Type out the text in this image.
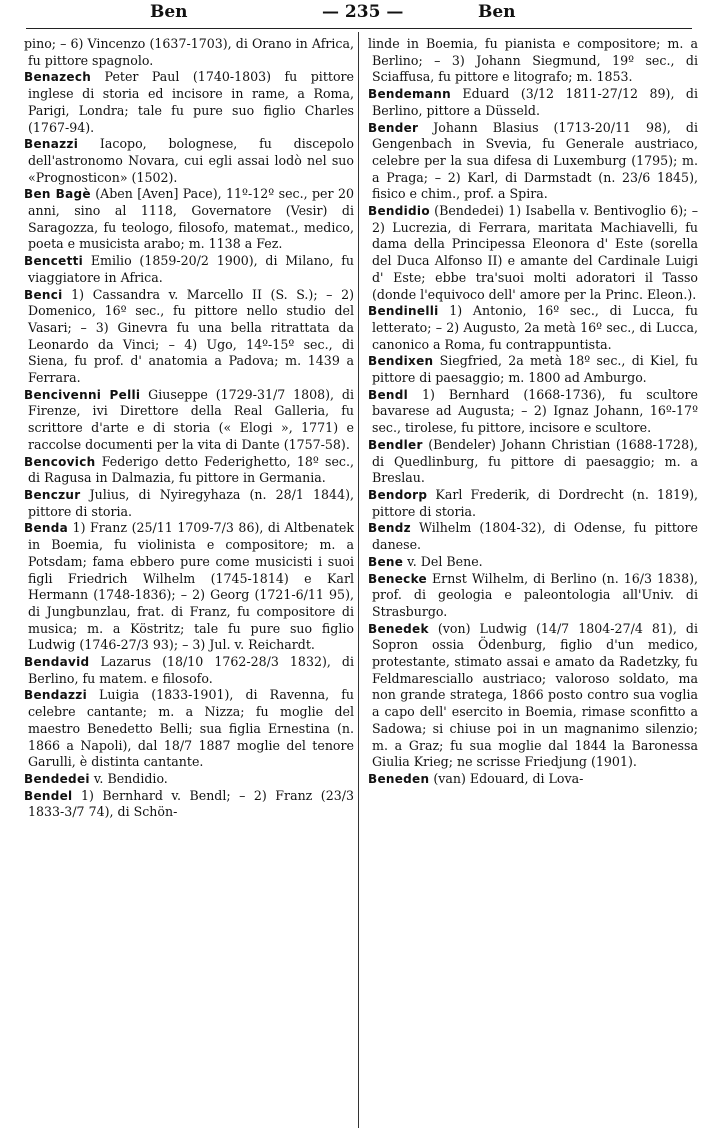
Ben	— 235 —	Ben

pino; – 6) Vincenzo (1637-1703), di Orano in Africa, fu pittore spagnolo.

Benazech Peter Paul (1740-1803) fu pittore inglese di storia ed incisore in rame, a Roma, Parigi, Londra; tale fu pure suo figlio Charles (1767-94).

Benazzi Iacopo, bolognese, fu discepolo dell'astronomo Novara, cui egli assai lodò nel suo «Prognosticon» (1502).

Ben Bagè (Aben [Aven] Pace), 11º-12º sec., per 20 anni, sino al 1118, Governatore (Vesir) di Saragozza, fu teologo, filosofo, matemat., medico, poeta e musicista arabo; m. 1138 a Fez.

Bencetti Emilio (1859-20/2 1900), di Milano, fu viaggiatore in Africa.

Benci 1) Cassandra v. Marcello II (S. S.); – 2) Domenico, 16º sec., fu pittore nello studio del Vasari; – 3) Ginevra fu una bella ritrattata da Leonardo da Vinci; – 4) Ugo, 14º-15º sec., di Siena, fu prof. d' anatomia a Padova; m. 1439 a Ferrara.

Bencivenni Pelli Giuseppe (1729-31/7 1808), di Firenze, ivi Direttore della Real Galleria, fu scrittore d'arte e di storia (« Elogi », 1771) e raccolse documenti per la vita di Dante (1757-58).

Bencovich Federigo detto Federighetto, 18º sec., di Ragusa in Dalmazia, fu pittore in Germania.

Benczur Julius, di Nyiregyhaza (n. 28/1 1844), pittore di storia.

Benda 1) Franz (25/11 1709-7/3 86), di Altbenatek in Boemia, fu violinista e compositore; m. a Potsdam; fama ebbero pure come musicisti i suoi figli Friedrich Wilhelm (1745-1814) e Karl Hermann (1748-1836); – 2) Georg (1721-6/11 95), di Jungbunzlau, frat. di Franz, fu compositore di musica; m. a Köstritz; tale fu pure suo figlio Ludwig (1746-27/3 93); – 3) Jul. v. Reichardt.

Bendavid Lazarus (18/10 1762-28/3 1832), di Berlino, fu matem. e filosofo.

Bendazzi Luigia (1833-1901), di Ravenna, fu celebre cantante; m. a Nizza; fu moglie del maestro Benedetto Belli; sua figlia Ernestina (n. 1866 a Napoli), dal 18/7 1887 moglie del tenore Garulli, è distinta cantante.

Bendedei v. Bendidio.

Bendel 1) Bernhard v. Bendl; – 2) Franz (23/3 1833-3/7 74), di Schön-

linde in Boemia, fu pianista e compositore; m. a Berlino; – 3) Johann Siegmund, 19º sec., di Sciaffusa, fu pittore e litografo; m. 1853.

Bendemann Eduard (3/12 1811-27/12 89), di Berlino, pittore a Düsseld.

Bender Johann Blasius (1713-20/11 98), di Gengenbach in Svevia, fu Generale austriaco, celebre per la sua difesa di Luxemburg (1795); m. a Praga; – 2) Karl, di Darmstadt (n. 23/6 1845), fisico e chim., prof. a Spira.

Bendidio (Bendedei) 1) Isabella v. Bentivoglio 6); – 2) Lucrezia, di Ferrara, maritata Machiavelli, fu dama della Principessa Eleonora d' Este (sorella del Duca Alfonso II) e amante del Cardinale Luigi d' Este; ebbe tra'suoi molti adoratori il Tasso (donde l'equivoco dell' amore per la Princ. Eleon.).

Bendinelli 1) Antonio, 16º sec., di Lucca, fu letterato; – 2) Augusto, 2a metà 16º sec., di Lucca, canonico a Roma, fu contrappuntista.

Bendixen Siegfried, 2a metà 18º sec., di Kiel, fu pittore di paesaggio; m. 1800 ad Amburgo.

Bendl 1) Bernhard (1668-1736), fu scultore bavarese ad Augusta; – 2) Ignaz Johann, 16º-17º sec., tirolese, fu pittore, incisore e scultore.

Bendler (Bendeler) Johann Christian (1688-1728), di Quedlinburg, fu pittore di paesaggio; m. a Breslau.

Bendorp Karl Frederik, di Dordrecht (n. 1819), pittore di storia.

Bendz Wilhelm (1804-32), di Odense, fu pittore danese.

Bene v. Del Bene.

Benecke Ernst Wilhelm, di Berlino (n. 16/3 1838), prof. di geologia e paleontologia all'Univ. di Strasburgo.

Benedek (von) Ludwig (14/7 1804-27/4 81), di Sopron ossia Ödenburg, figlio d'un medico, protestante, stimato assai e amato da Radetzky, fu Feldmaresciallo austriaco; valoroso soldato, ma non grande stratega, 1866 posto contro sua voglia a capo dell' esercito in Boemia, rimase sconfitto a Sadowa; si chiuse poi in un magnanimo silenzio; m. a Graz; fu sua moglie dal 1844 la Baronessa Giulia Krieg; ne scrisse Friedjung (1901).

Beneden (van) Edouard, di Lova-
